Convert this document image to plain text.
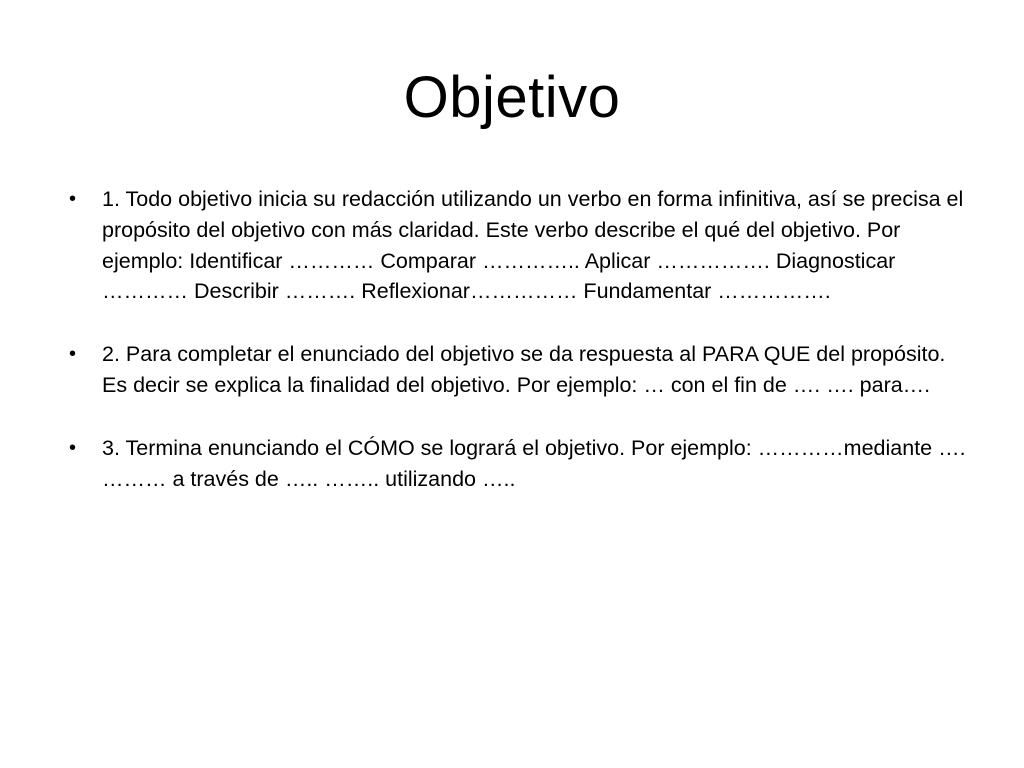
Objetivo
•	1. Todo objetivo inicia su redacción utilizando un verbo en forma infinitiva, así se precisa el propósito del objetivo con más claridad. Este verbo describe el qué del objetivo. Por ejemplo: Identificar ………… Comparar ………….. Aplicar ……………. Diagnosticar ………… Describir ………. Reflexionar…………… Fundamentar …………….
•	2. Para completar el enunciado del objetivo se da respuesta al PARA QUE del propósito. Es decir se explica la finalidad del objetivo. Por ejemplo: … con el fin de …. …. para….
•	3. Termina enunciando el CÓMO se logrará el objetivo. Por ejemplo: …………mediante …. ……… a través de ….. …….. utilizando …..
